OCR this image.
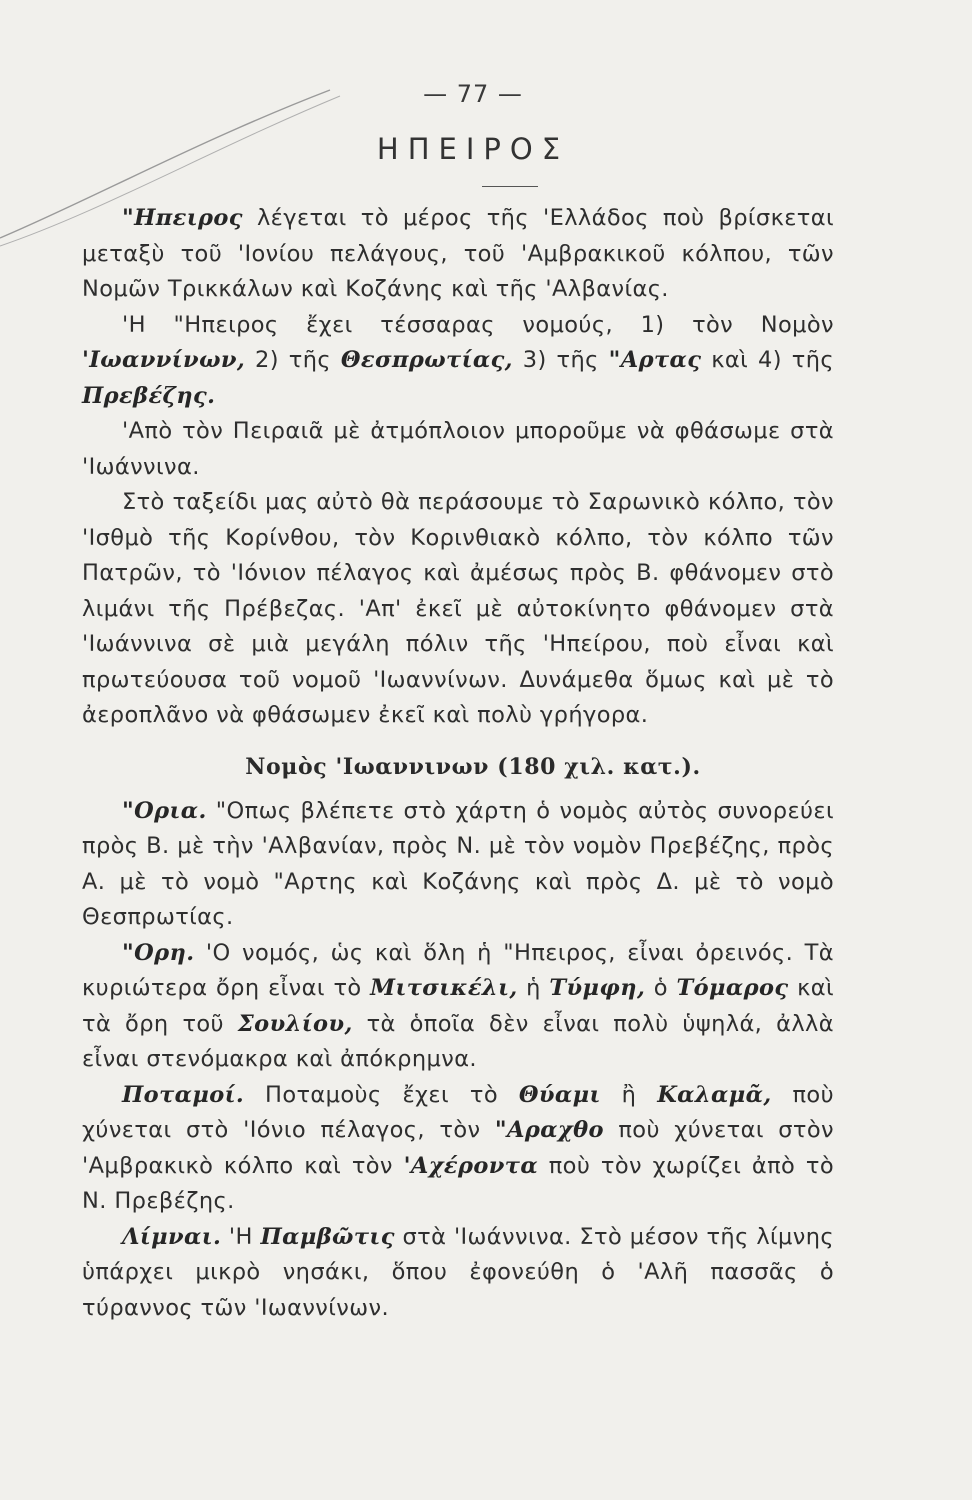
— 77 —
ΗΠΕΙΡΟΣ

"Ηπειρος λέγεται τὸ μέρος τῆς 'Ελλάδος ποὺ βρίσκεται μεταξὺ τοῦ 'Ιονίου πελάγους, τοῦ 'Αμβρακικοῦ κόλπου, τῶν Νομῶν Τρικκάλων καὶ Κοζάνης καὶ τῆς 'Αλβανίας.

'Η "Ηπειρος ἔχει τέσσαρας νομούς, 1) τὸν Νομὸν 'Ιωαννίνων, 2) τῆς Θεσπρωτίας, 3) τῆς "Αρτας καὶ 4) τῆς Πρεβέζης.

'Απὸ τὸν Πειραιᾶ μὲ ἀτμόπλοιον μποροῦμε νὰ φθάσωμε στὰ 'Ιωάννινα.

Στὸ ταξείδι μας αὐτὸ θὰ περάσουμε τὸ Σαρωνικὸ κόλπο, τὸν 'Ισθμὸ τῆς Κορίνθου, τὸν Κορινθιακὸ κόλπο, τὸν κόλπο τῶν Πατρῶν, τὸ 'Ιόνιον πέλαγος καὶ ἀμέσως πρὸς Β. φθάνομεν στὸ λιμάνι τῆς Πρέβεζας. 'Απ' ἐκεῖ μὲ αὐτοκίνητο φθάνομεν στὰ 'Ιωάννινα σὲ μιὰ μεγάλη πόλιν τῆς 'Ηπείρου, ποὺ εἶναι καὶ πρωτεύουσα τοῦ νομοῦ 'Ιωαννίνων. Δυνάμεθα ὅμως καὶ μὲ τὸ ἀεροπλᾶνο νὰ φθάσωμεν ἐκεῖ καὶ πολὺ γρήγορα.

Νομὸς 'Ιωαννινων (180 χιλ. κατ.).

"Ορια. "Οπως βλέπετε στὸ χάρτη ὁ νομὸς αὐτὸς συνορεύει πρὸς Β. μὲ τὴν 'Αλβανίαν, πρὸς Ν. μὲ τὸν νομὸν Πρεβέζης, πρὸς Α. μὲ τὸ νομὸ "Αρτης καὶ Κοζάνης καὶ πρὸς Δ. μὲ τὸ νομὸ Θεσπρωτίας.

"Ορη. 'Ο νομός, ὡς καὶ ὅλη ἡ "Ηπειρος, εἶναι ὀρεινός. Τὰ κυριώτερα ὄρη εἶναι τὸ Μιτσικέλι, ἡ Τύμφη, ὁ Τόμαρος καὶ τὰ ὄρη τοῦ Σουλίου, τὰ ὁποῖα δὲν εἶναι πολὺ ὑψηλά, ἀλλὰ εἶναι στενόμακρα καὶ ἀπόκρημνα.

Ποταμοί. Ποταμοὺς ἔχει τὸ Θύαμι ἢ Καλαμᾶ, ποὺ χύνεται στὸ 'Ιόνιο πέλαγος, τὸν "Αραχθο ποὺ χύνεται στὸν 'Αμβρακικὸ κόλπο καὶ τὸν 'Αχέροντα ποὺ τὸν χωρίζει ἀπὸ τὸ Ν. Πρεβέζης.

Λίμναι. 'Η Παμβῶτις στὰ 'Ιωάννινα. Στὸ μέσον τῆς λίμνης ὑπάρχει μικρὸ νησάκι, ὅπου ἐφονεύθη ὁ 'Αλῆ πασσᾶς ὁ τύραννος τῶν 'Ιωαννίνων.
